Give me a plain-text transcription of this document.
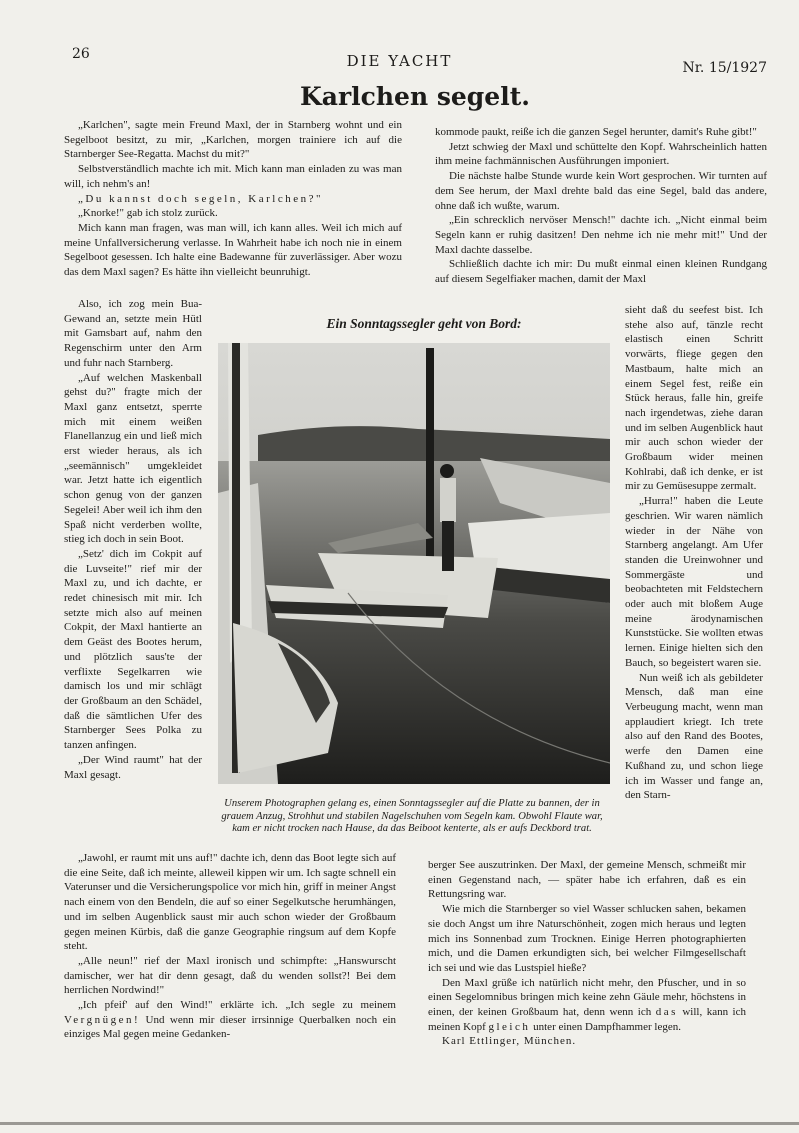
26	DIE YACHT	Nr. 15/1927
Karlchen segelt.

„Karlchen", sagte mein Freund Maxl, der in Starnberg wohnt und ein Segelboot besitzt, zu mir, „Karlchen, morgen trainiere ich auf die Starnberger See-Regatta. Machst du mit?"

Selbstverständlich machte ich mit. Mich kann man einladen zu was man will, ich nehm's an!

„Du kannst doch segeln, Karlchen?"

„Knorke!" gab ich stolz zurück.

Mich kann man fragen, was man will, ich kann alles. Weil ich mich auf meine Unfallversicherung verlasse. In Wahrheit habe ich noch nie in einem Segelboot gesessen. Ich halte eine Badewanne für zuverlässiger. Aber wozu das dem Maxl sagen? Es hätte ihn vielleicht beunruhigt.

Also, ich zog mein Bua-Gewand an, setzte mein Hütl mit Gamsbart auf, nahm den Regenschirm unter den Arm und fuhr nach Starnberg.

„Auf welchen Maskenball gehst du?" fragte mich der Maxl ganz entsetzt, sperrte mich mit einem weißen Flanellanzug ein und ließ mich erst wieder heraus, als ich „seemännisch" umgekleidet war. Jetzt hatte ich eigentlich schon genug von der ganzen Segelei! Aber weil ich ihm den Spaß nicht verderben wollte, stieg ich doch in sein Boot.

„Setz' dich im Cokpit auf die Luvseite!" rief mir der Maxl zu, und ich dachte, er redet chinesisch mit mir. Ich setzte mich also auf meinen Cokpit, der Maxl hantierte an dem Geäst des Bootes herum, und plötzlich saus'te der verflixte Segelkarren wie damisch los und mir schlägt der Großbaum an den Schädel, daß die sämtlichen Ufer des Starnberger Sees Polka zu tanzen anfingen.

„Der Wind raumt" hat der Maxl gesagt.

kommode paukt, reiße ich die ganzen Segel herunter, damit's Ruhe gibt!"

Jetzt schwieg der Maxl und schüttelte den Kopf. Wahrscheinlich hatten ihm meine fachmännischen Ausführungen imponiert.

Die nächste halbe Stunde wurde kein Wort gesprochen. Wir turnten auf dem See herum, der Maxl drehte bald das eine Segel, bald das andere, ohne daß ich wußte, warum.

„Ein schrecklich nervöser Mensch!" dachte ich. „Nicht einmal beim Segeln kann er ruhig dasitzen! Den nehme ich nie mehr mit!" Und der Maxl dachte dasselbe.

Schließlich dachte ich mir: Du mußt einmal einen kleinen Rundgang auf diesem Segelfiaker machen, damit der Maxl

Ein Sonntagssegler geht von Bord:
Unserem Photographen gelang es, einen Sonntagssegler auf die Platte zu bannen, der in grauem Anzug, Strohhut und stabilen Nagelschuhen vom Segeln kam. Obwohl Flaute war, kam er nicht trocken nach Hause, da das Beiboot kenterte, als er aufs Deckbord trat.

sieht daß du seefest bist. Ich stehe also auf, tänzle recht elastisch einen Schritt vorwärts, fliege gegen den Mastbaum, halte mich an einem Segel fest, reiße ein Stück heraus, falle hin, greife nach irgendetwas, ziehe daran und im selben Augenblick haut mir auch schon wieder der Großbaum wider meinen Kohlrabi, daß ich denke, er ist mir zu Gemüsesuppe zermalt.

„Hurra!" haben die Leute geschrien. Wir waren nämlich wieder in der Nähe von Starnberg angelangt. Am Ufer standen die Ureinwohner und Sommergäste und beobachteten mit Feldstechern oder auch mit bloßem Auge meine ärodynamischen Kunststücke. Sie wollten etwas lernen. Einige hielten sich den Bauch, so begeistert waren sie.

Nun weiß ich als gebildeter Mensch, daß man eine Verbeugung macht, wenn man applaudiert kriegt. Ich trete also auf den Rand des Bootes, werfe den Damen eine Kußhand zu, und schon liege ich im Wasser und fange an, den Starn-

„Jawohl, er raumt mit uns auf!" dachte ich, denn das Boot legte sich auf die eine Seite, daß ich meinte, alleweil kippen wir um. Ich sagte schnell ein Vaterunser und die Versicherungspolice vor mich hin, griff in meiner Angst nach einem von den Bendeln, die auf so einer Segelkutsche herumhängen, und im selben Augenblick saust mir auch schon wieder der Großbaum gegen meinen Kürbis, daß die ganze Geographie ringsum auf dem Kopfe steht.

„Alle neun!" rief der Maxl ironisch und schimpfte: „Hanswurscht damischer, wer hat dir denn gesagt, daß du wenden sollst?! Bei dem herrlichen Nordwind!"

„Ich pfeif' auf den Wind!" erklärte ich. „Ich segle zu meinem Vergnügen! Und wenn mir dieser irrsinnige Querbalken noch ein einziges Mal gegen meine Gedanken-

berger See auszutrinken. Der Maxl, der gemeine Mensch, schmeißt mir einen Gegenstand nach, — später habe ich erfahren, daß es ein Rettungsring war.

Wie mich die Starnberger so viel Wasser schlucken sahen, bekamen sie doch Angst um ihre Naturschönheit, zogen mich heraus und legten mich ins Sonnenbad zum Trocknen. Einige Herren photographierten mich, und die Damen erkundigten sich, bei welcher Filmgesellschaft ich sei und wie das Lustspiel hieße?

Den Maxl grüße ich natürlich nicht mehr, den Pfuscher, und in so einen Segelomnibus bringen mich keine zehn Gäule mehr, höchstens in einen, der keinen Großbaum hat, denn wenn ich das will, kann ich meinen Kopf gleich unter einen Dampfhammer legen.

Karl Ettlinger, München.
